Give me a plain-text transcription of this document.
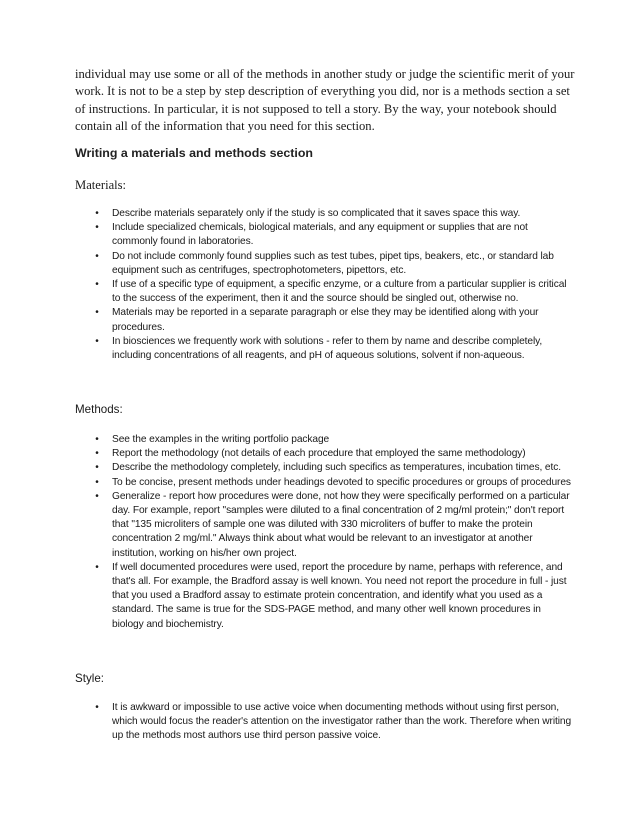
individual may use some or all of the methods in another study or judge the scientific merit of your work. It is not to be a step by step description of everything you did, nor is a methods section a set of instructions. In particular, it is not supposed to tell a story. By the way, your notebook should contain all of the information that you need for this section.

Writing a materials and methods section

Materials:

•	Describe materials separately only if the study is so complicated that it saves space this way.
•	Include specialized chemicals, biological materials, and any equipment or supplies that are not commonly found in laboratories.
•	Do not include commonly found supplies such as test tubes, pipet tips, beakers, etc., or standard lab equipment such as centrifuges, spectrophotometers, pipettors, etc.
•	If use of a specific type of equipment, a specific enzyme, or a culture from a particular supplier is critical to the success of the experiment, then it and the source should be singled out, otherwise no.
•	Materials may be reported in a separate paragraph or else they may be identified along with your procedures.
•	In biosciences we frequently work with solutions - refer to them by name and describe completely, including concentrations of all reagents, and pH of aqueous solutions, solvent if non-aqueous.

Methods:

•	See the examples in the writing portfolio package
•	Report the methodology (not details of each procedure that employed the same methodology)
•	Describe the methodology completely, including such specifics as temperatures, incubation times, etc.
•	To be concise, present methods under headings devoted to specific procedures or groups of procedures
•	Generalize - report how procedures were done, not how they were specifically performed on a particular day. For example, report "samples were diluted to a final concentration of 2 mg/ml protein;" don't report that "135 microliters of sample one was diluted with 330 microliters of buffer to make the protein concentration 2 mg/ml." Always think about what would be relevant to an investigator at another institution, working on his/her own project.
•	If well documented procedures were used, report the procedure by name, perhaps with reference, and that's all. For example, the Bradford assay is well known. You need not report the procedure in full - just that you used a Bradford assay to estimate protein concentration, and identify what you used as a standard. The same is true for the SDS-PAGE method, and many other well known procedures in biology and biochemistry.

Style:

•	It is awkward or impossible to use active voice when documenting methods without using first person, which would focus the reader's attention on the investigator rather than the work. Therefore when writing up the methods most authors use third person passive voice.
